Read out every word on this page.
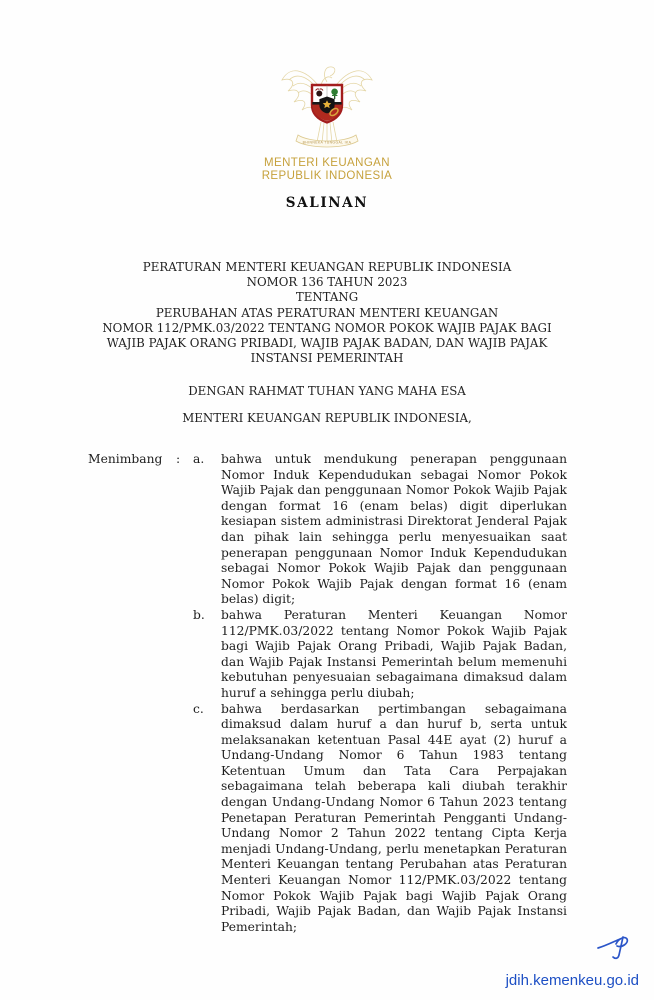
BHINNEKA TUNGGAL IKA
MENTERI KEUANGAN
REPUBLIK INDONESIA
SALINAN
PERATURAN MENTERI KEUANGAN REPUBLIK INDONESIA
NOMOR 136 TAHUN 2023
TENTANG
PERUBAHAN ATAS PERATURAN MENTERI KEUANGAN
NOMOR 112/PMK.03/2022 TENTANG NOMOR POKOK WAJIB PAJAK BAGI
WAJIB PAJAK ORANG PRIBADI, WAJIB PAJAK BADAN, DAN WAJIB PAJAK
INSTANSI PEMERINTAH
DENGAN RAHMAT TUHAN YANG MAHA ESA
MENTERI KEUANGAN REPUBLIK INDONESIA,
Menimbang	:	a.	bahwa untuk mendukung penerapan penggunaan Nomor Induk Kependudukan sebagai Nomor Pokok Wajib Pajak dan penggunaan Nomor Pokok Wajib Pajak dengan format 16 (enam belas) digit diperlukan kesiapan sistem administrasi Direktorat Jenderal Pajak dan pihak lain sehingga perlu menyesuaikan saat penerapan penggunaan Nomor Induk Kependudukan sebagai Nomor Pokok Wajib Pajak dan penggunaan Nomor Pokok Wajib Pajak dengan format 16 (enam belas) digit;
b.	bahwa Peraturan Menteri Keuangan Nomor 112/PMK.03/2022 tentang Nomor Pokok Wajib Pajak bagi Wajib Pajak Orang Pribadi, Wajib Pajak Badan, dan Wajib Pajak Instansi Pemerintah belum memenuhi kebutuhan penyesuaian sebagaimana dimaksud dalam huruf a sehingga perlu diubah;
c.	bahwa berdasarkan pertimbangan sebagaimana dimaksud dalam huruf a dan huruf b, serta untuk melaksanakan ketentuan Pasal 44E ayat (2) huruf a Undang-Undang Nomor 6 Tahun 1983 tentang Ketentuan Umum dan Tata Cara Perpajakan sebagaimana telah beberapa kali diubah terakhir dengan Undang-Undang Nomor 6 Tahun 2023 tentang Penetapan Peraturan Pemerintah Pengganti Undang-Undang Nomor 2 Tahun 2022 tentang Cipta Kerja menjadi Undang-Undang, perlu menetapkan Peraturan Menteri Keuangan tentang Perubahan atas Peraturan Menteri Keuangan Nomor 112/PMK.03/2022 tentang Nomor Pokok Wajib Pajak bagi Wajib Pajak Orang Pribadi, Wajib Pajak Badan, dan Wajib Pajak Instansi Pemerintah;
jdih.kemenkeu.go.id
